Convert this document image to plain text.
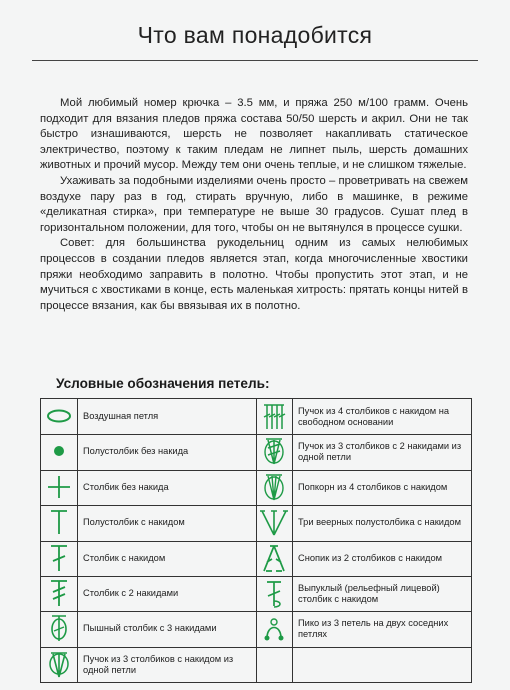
Что вам понадобится

Мой любимый номер крючка – 3.5 мм, и пряжа 250 м/100 грамм. Очень подходит для вязания пледов пряжа состава 50/50 шерсть и акрил. Они не так быстро изнашиваются, шерсть не позволяет накапливать статическое электричество, поэтому к таким пледам не липнет пыль, шерсть домашних животных и прочий мусор. Между тем они очень теплые, и не слишком тяжелые.

Ухаживать за подобными изделиями очень просто – проветривать на свежем воздухе пару раз в год, стирать вручную, либо в машинке, в режиме «деликатная стирка», при температуре не выше 30 градусов. Сушат плед в горизонтальном положении, для того, чтобы он не вытянулся в процессе сушки.

Совет: для большинства рукодельниц одним из самых нелюбимых процессов в создании пледов является этап, когда многочисленные хвостики пряжи необходимо заправить в полотно. Чтобы пропустить этот этап, и не мучиться с хвостиками в конце, есть маленькая хитрость: прятать концы нитей в процессе вязания, как бы ввязывая их в полотно.

Условные обозначения петель:
Воздушная петля
Полустолбик без накида
Столбик без накида
Полустолбик с накидом
Столбик с накидом
Столбик с 2 накидами
Пышный столбик с 3 накидами
Пучок из 3 столбиков с накидом из одной петли
Пучок из 4 столбиков с накидом на свободном основании
Пучок из 3 столбиков с 2 накидами из одной петли
Попкорн из 4 столбиков с накидом
Три веерных полустолбика с накидом
Снопик из 2 столбиков с накидом
Выпуклый (рельефный лицевой) столбик с накидом
Пико из 3 петель на двух соседних петлях
